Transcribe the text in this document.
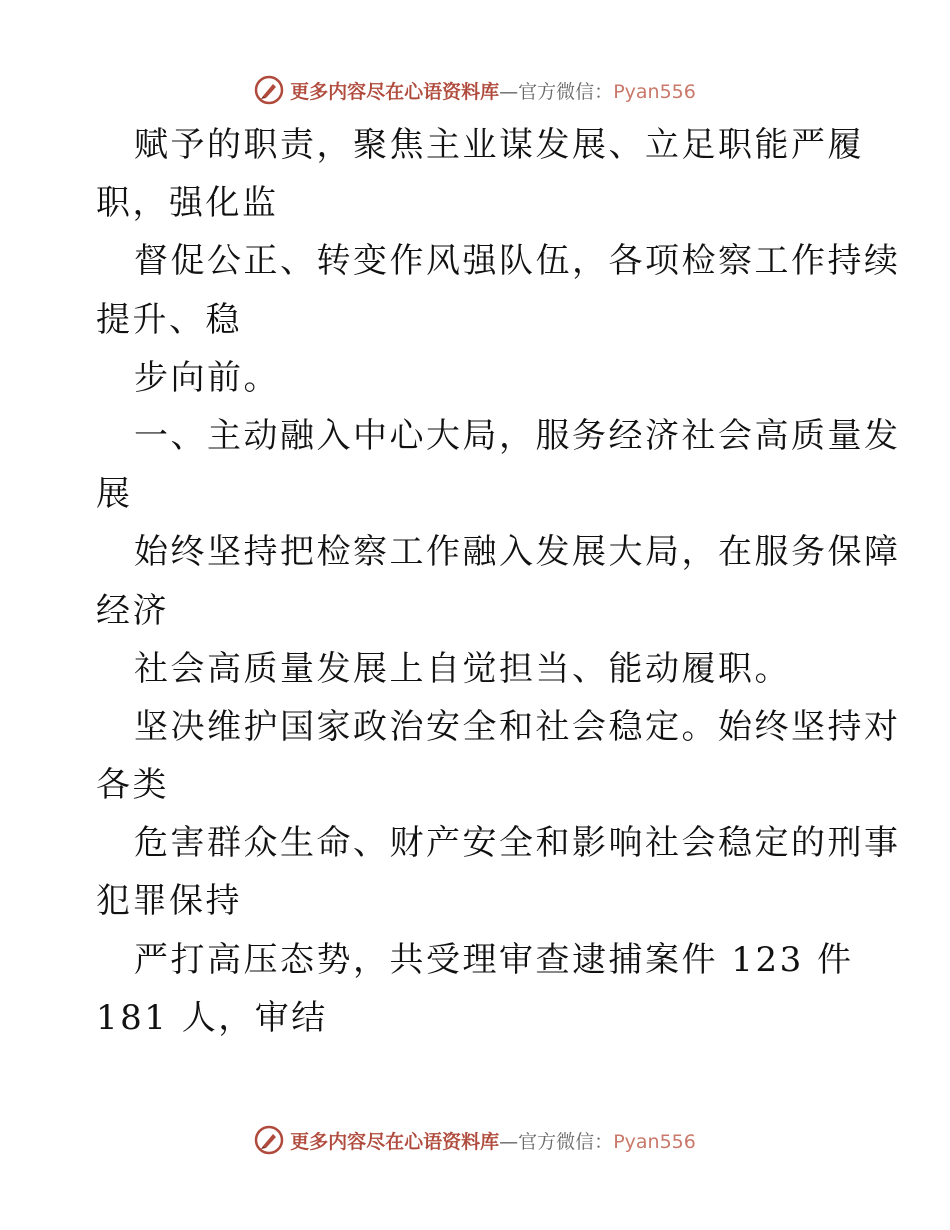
更多内容尽在心语资料库—官方微信：Pyan556
赋予的职责，聚焦主业谋发展、立足职能严履
职，强化监
督促公正、转变作风强队伍，各项检察工作持续
提升、稳
步向前。
一、主动融入中心大局，服务经济社会高质量发
展
始终坚持把检察工作融入发展大局，在服务保障
经济
社会高质量发展上自觉担当、能动履职。
坚决维护国家政治安全和社会稳定。始终坚持对
各类
危害群众生命、财产安全和影响社会稳定的刑事
犯罪保持
严打高压态势，共受理审查逮捕案件 123 件
181 人，审结
更多内容尽在心语资料库—官方微信：Pyan556
